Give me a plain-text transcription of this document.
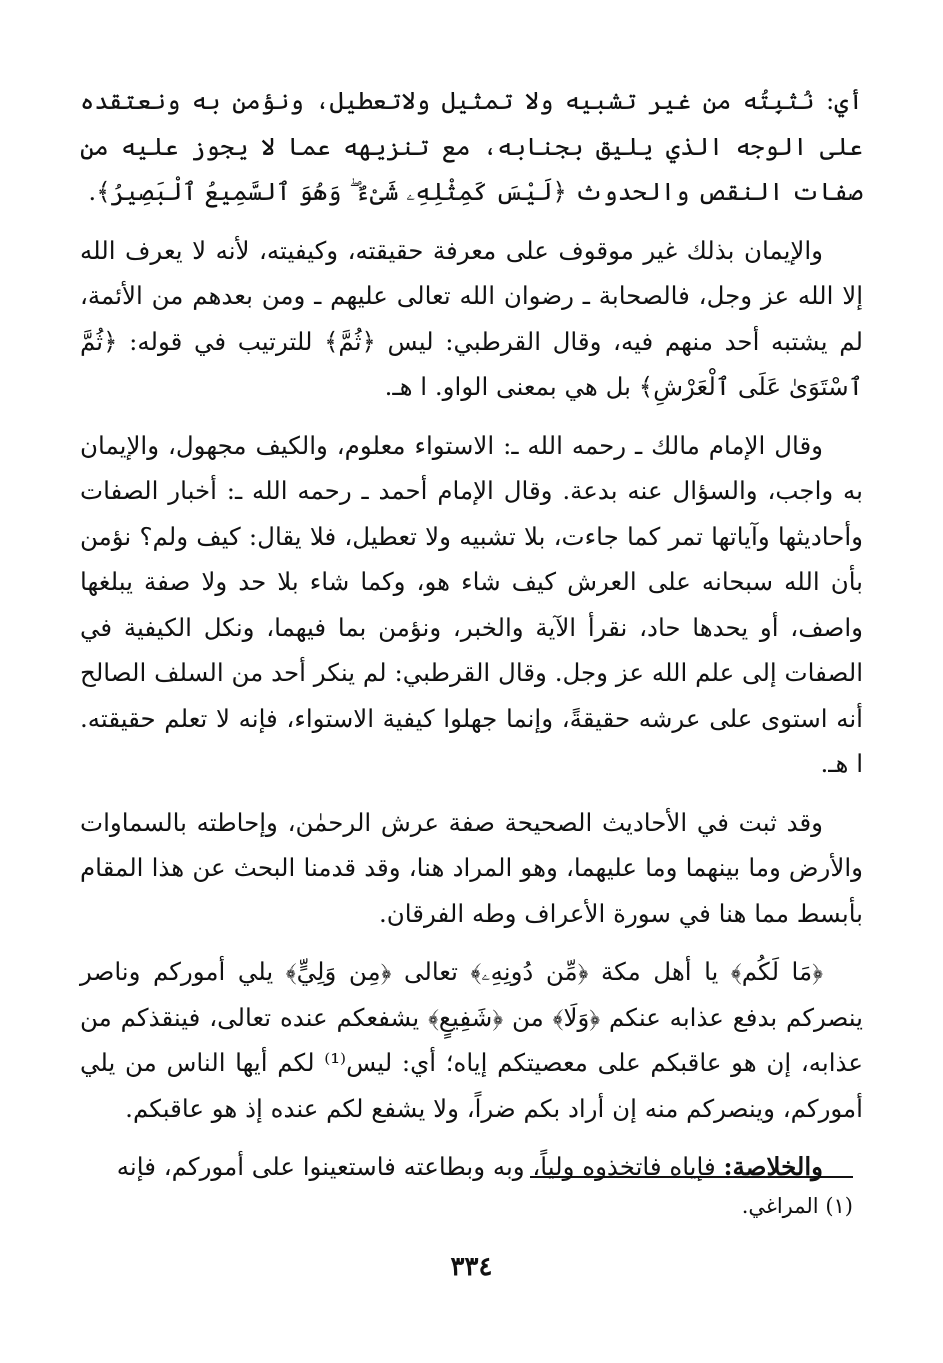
أي: نُثبِتُه من غير تشبيه ولا تمثيل ولاتعطيل، ونؤمن به ونعتقده على الوجه الذي يليق بجنابه، مع تنزيهه عما لا يجوز عليه من صفات النقص والحدوث ﴿لَيْسَ كَمِثْلِهِۦ شَىْءٌ ۖ وَهُوَ ٱلسَّمِيعُ ٱلْبَصِيرُ﴾.

والإيمان بذلك غير موقوف على معرفة حقيقته، وكيفيته، لأنه لا يعرف الله إلا الله عز وجل، فالصحابة ـ رضوان الله تعالى عليهم ـ ومن بعدهم من الأئمة، لم يشتبه أحد منهم فيه، وقال القرطبي: ليس ﴿ثُمَّ﴾ للترتيب في قوله: ﴿ثُمَّ ٱسْتَوَىٰ عَلَى ٱلْعَرْشِ﴾ بل هي بمعنى الواو. ا هـ.

وقال الإمام مالك ـ رحمه الله ـ: الاستواء معلوم، والكيف مجهول، والإيمان به واجب، والسؤال عنه بدعة. وقال الإمام أحمد ـ رحمه الله ـ: أخبار الصفات وأحاديثها وآياتها تمر كما جاءت، بلا تشبيه ولا تعطيل، فلا يقال: كيف ولم؟ نؤمن بأن الله سبحانه على العرش كيف شاء هو، وكما شاء بلا حد ولا صفة يبلغها واصف، أو يحدها حاد، نقرأ الآية والخبر، ونؤمن بما فيهما، ونكل الكيفية في الصفات إلى علم الله عز وجل. وقال القرطبي: لم ينكر أحد من السلف الصالح أنه استوى على عرشه حقيقةً، وإنما جهلوا كيفية الاستواء، فإنه لا تعلم حقيقته. ا هـ.

وقد ثبت في الأحاديث الصحيحة صفة عرش الرحمٰن، وإحاطته بالسماوات والأرض وما بينهما وما عليهما، وهو المراد هنا، وقد قدمنا البحث عن هذا المقام بأبسط مما هنا في سورة الأعراف وطه الفرقان.

﴿مَا لَكُم﴾ يا أهل مكة ﴿مِّن دُونِهِۦ﴾ تعالى ﴿مِن وَلِيٍّ﴾ يلي أموركم وناصر ينصركم بدفع عذابه عنكم ﴿وَلَا﴾ من ﴿شَفِيعٍ﴾ يشفعكم عنده تعالى، فينقذكم من عذابه، إن هو عاقبكم على معصيتكم إياه؛ أي: ليس⁽¹⁾ لكم أيها الناس من يلي أموركم، وينصركم منه إن أراد بكم ضراً، ولا يشفع لكم عنده إذ هو عاقبكم.

والخلاصة: فإياه فاتخذوه ولياً، وبه وبطاعته فاستعينوا على أموركم، فإنه

(١) المراغي.
٣٣٤
